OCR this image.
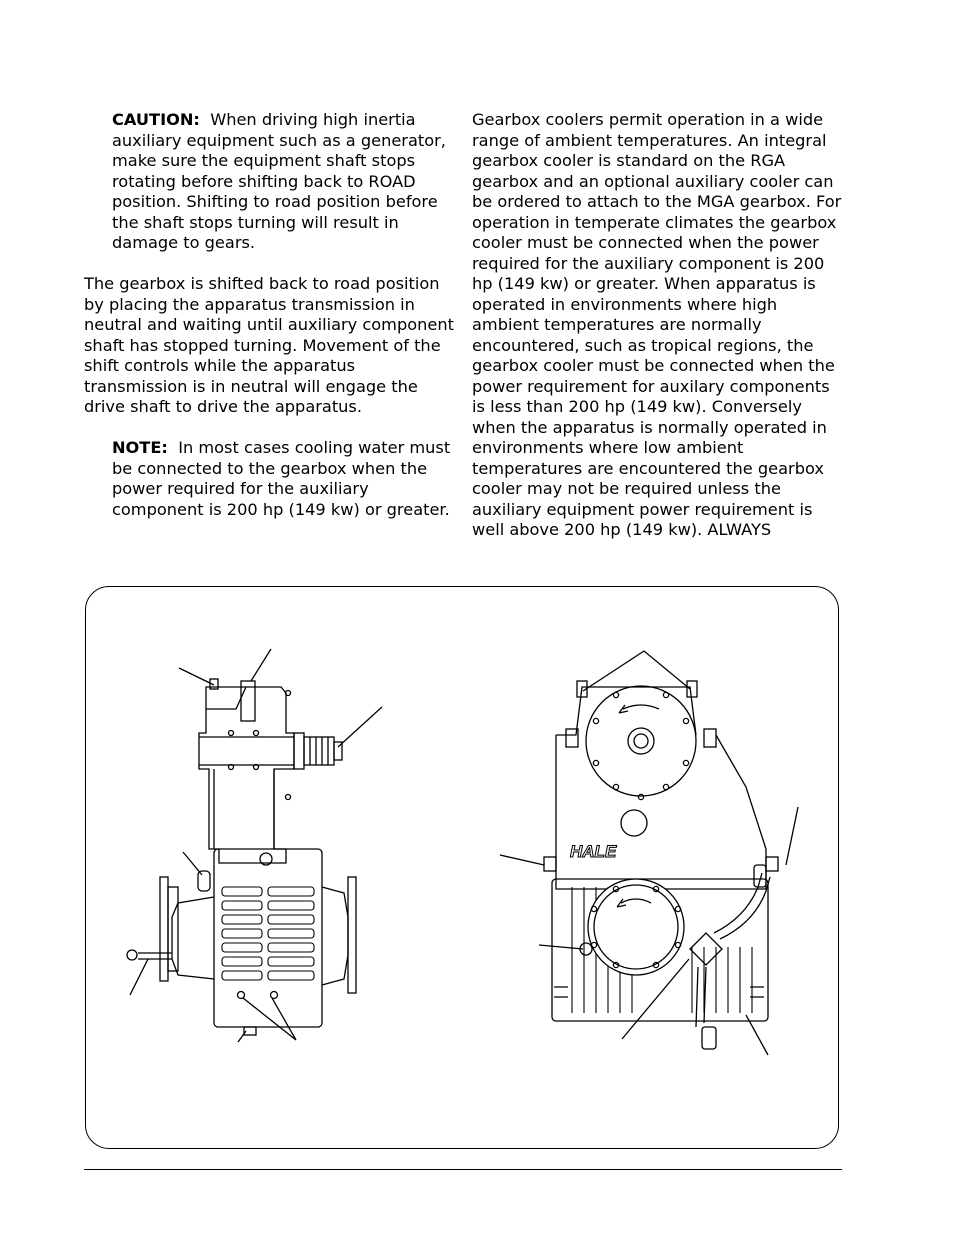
CAUTION: When driving high inertia auxiliary equipment such as a generator, make sure the equipment shaft stops rotating before shifting back to ROAD position. Shifting to road position before the shaft stops turning will result in damage to gears.

The gearbox is shifted back to road position by placing the apparatus transmission in neutral and waiting until auxiliary component shaft has stopped turning. Movement of the shift controls while the apparatus transmission is in neutral will engage the drive shaft to drive the apparatus.

NOTE: In most cases cooling water must be connected to the gearbox when the power required for the auxiliary component is 200 hp (149 kw) or greater.

Gearbox coolers permit operation in a wide range of ambient temperatures. An integral gearbox cooler is standard on the RGA gearbox and an optional auxiliary cooler can be ordered to attach to the MGA gearbox. For operation in temperate climates the gearbox cooler must be connected when the power required for the auxiliary component is 200 hp (149 kw) or greater. When apparatus is operated in environments where high ambient temperatures are normally encountered, such as tropical regions, the gearbox cooler must be connected when the power requirement for auxilary components is less than 200 hp (149 kw). Conversely when the apparatus is normally operated in environments where low ambient temperatures are encountered the gearbox cooler may not be required unless the auxiliary equipment power requirement is well above 200 hp (149 kw). ALWAYS

HALE
